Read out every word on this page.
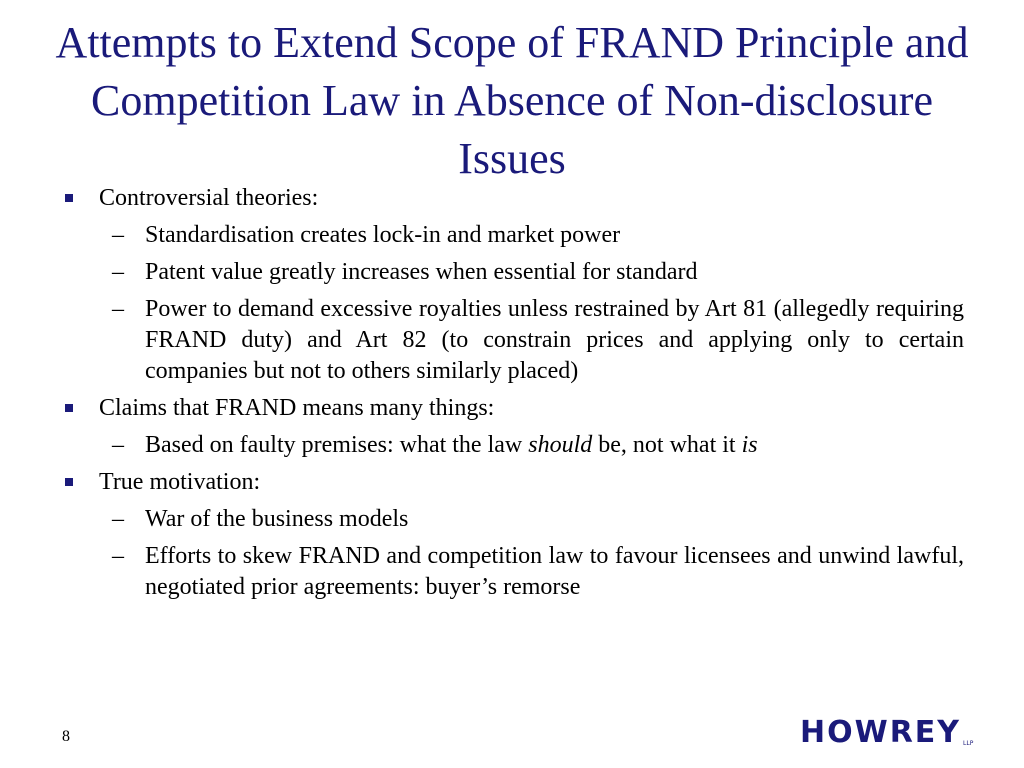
Attempts to Extend Scope of FRAND Principle and Competition Law in Absence of Non-disclosure Issues
Controversial theories:
– Standardisation creates lock-in and market power
– Patent value greatly increases when essential for standard
– Power to demand excessive royalties unless restrained by Art 81 (allegedly requiring FRAND duty) and Art 82 (to constrain prices and applying only to certain companies but not to others similarly placed)
Claims that FRAND means many things:
– Based on faulty premises: what the law should be, not what it is
True motivation:
– War of the business models
– Efforts to skew FRAND and competition law to favour licensees and unwind lawful, negotiated prior agreements: buyer’s remorse
8	HOWREY LLP
